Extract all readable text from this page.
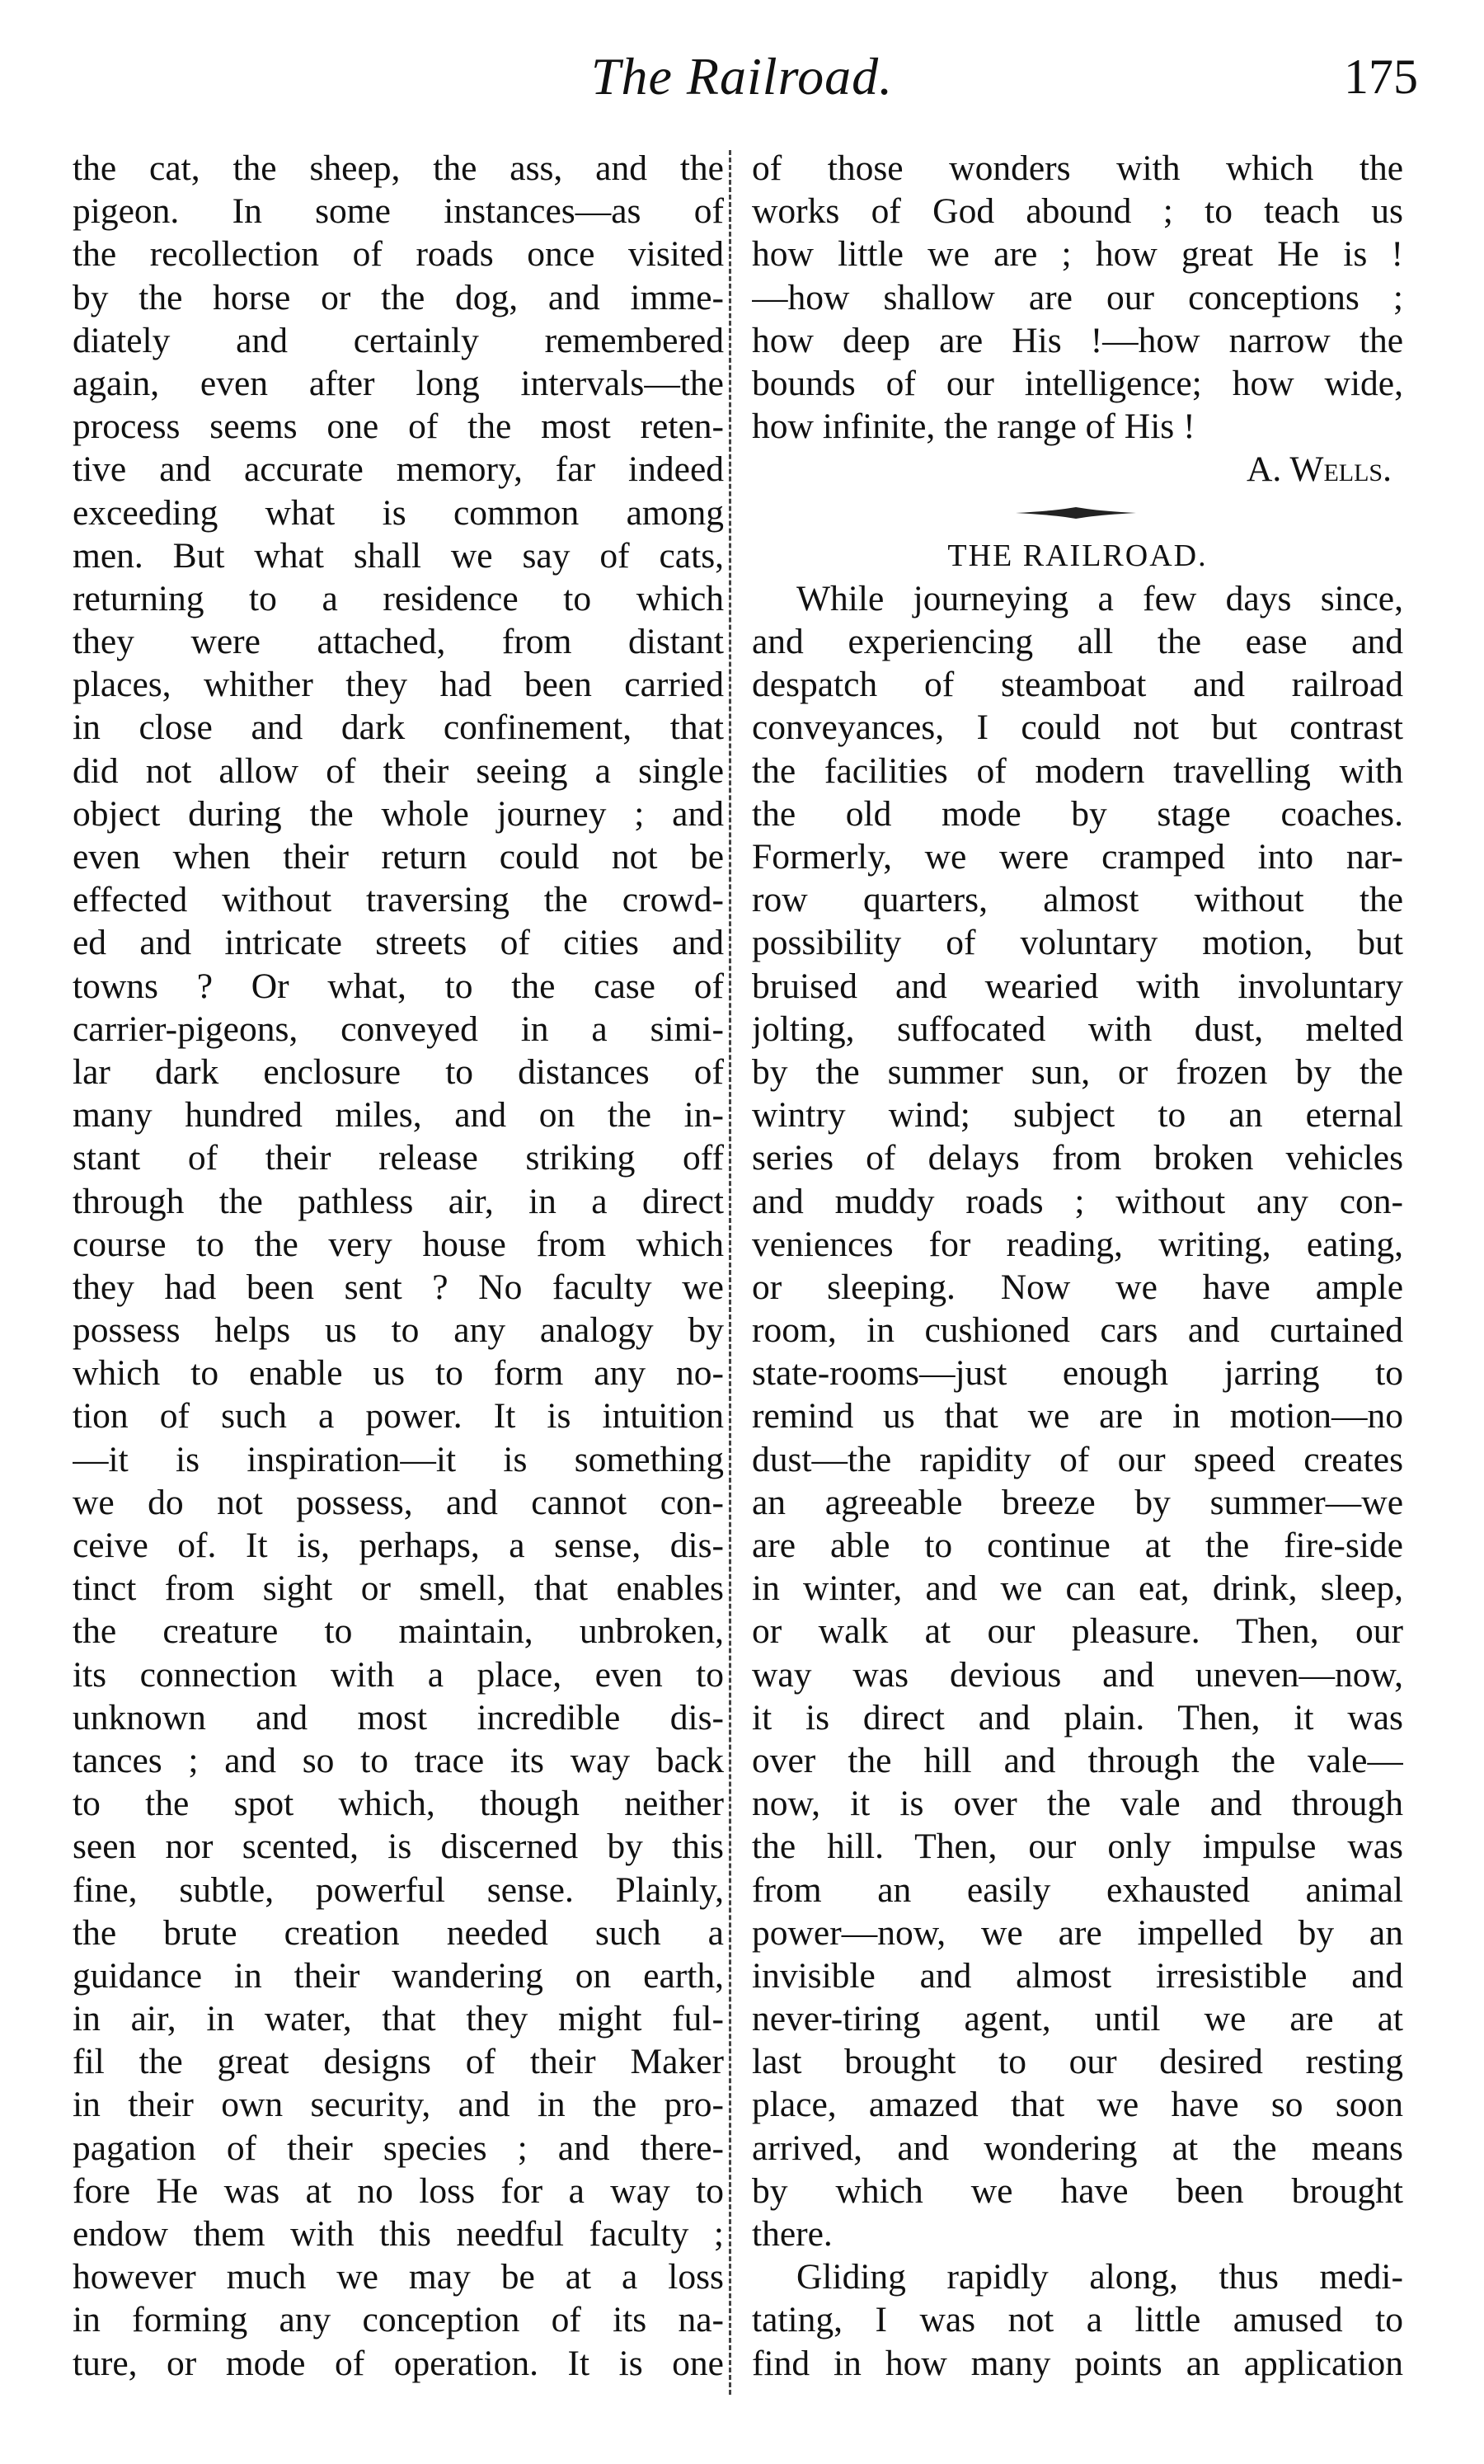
The Railroad.	175
the cat, the sheep, the ass, and the
pigeon. In some instances—as of
the recollection of roads once visited
by the horse or the dog, and imme-
diately and certainly remembered
again, even after long intervals—the
process seems one of the most reten-
tive and accurate memory, far indeed
exceeding what is common among
men. But what shall we say of cats,
returning to a residence to which
they were attached, from distant
places, whither they had been carried
in close and dark confinement, that
did not allow of their seeing a single
object during the whole journey ; and
even when their return could not be
effected without traversing the crowd-
ed and intricate streets of cities and
towns ? Or what, to the case of
carrier-pigeons, conveyed in a simi-
lar dark enclosure to distances of
many hundred miles, and on the in-
stant of their release striking off
through the pathless air, in a direct
course to the very house from which
they had been sent ? No faculty we
possess helps us to any analogy by
which to enable us to form any no-
tion of such a power. It is intuition
—it is inspiration—it is something
we do not possess, and cannot con-
ceive of. It is, perhaps, a sense, dis-
tinct from sight or smell, that enables
the creature to maintain, unbroken,
its connection with a place, even to
unknown and most incredible dis-
tances ; and so to trace its way back
to the spot which, though neither
seen nor scented, is discerned by this
fine, subtle, powerful sense. Plainly,
the brute creation needed such a
guidance in their wandering on earth,
in air, in water, that they might ful-
fil the great designs of their Maker
in their own security, and in the pro-
pagation of their species ; and there-
fore He was at no loss for a way to
endow them with this needful faculty ;
however much we may be at a loss
in forming any conception of its na-
ture, or mode of operation. It is one
of those wonders with which the
works of God abound ; to teach us
how little we are ; how great He is !
—how shallow are our conceptions ;
how deep are His !—how narrow the
bounds of our intelligence; how wide,
how infinite, the range of His !
A. Wells.
THE RAILROAD.
While journeying a few days since,
and experiencing all the ease and
despatch of steamboat and railroad
conveyances, I could not but contrast
the facilities of modern travelling with
the old mode by stage coaches.
Formerly, we were cramped into nar-
row quarters, almost without the
possibility of voluntary motion, but
bruised and wearied with involuntary
jolting, suffocated with dust, melted
by the summer sun, or frozen by the
wintry wind; subject to an eternal
series of delays from broken vehicles
and muddy roads ; without any con-
veniences for reading, writing, eating,
or sleeping. Now we have ample
room, in cushioned cars and curtained
state-rooms—just enough jarring to
remind us that we are in motion—no
dust—the rapidity of our speed creates
an agreeable breeze by summer—we
are able to continue at the fire-side
in winter, and we can eat, drink, sleep,
or walk at our pleasure. Then, our
way was devious and uneven—now,
it is direct and plain. Then, it was
over the hill and through the vale—
now, it is over the vale and through
the hill. Then, our only impulse was
from an easily exhausted animal
power—now, we are impelled by an
invisible and almost irresistible and
never-tiring agent, until we are at
last brought to our desired resting
place, amazed that we have so soon
arrived, and wondering at the means
by which we have been brought
there.
Gliding rapidly along, thus medi-
tating, I was not a little amused to
find in how many points an application
